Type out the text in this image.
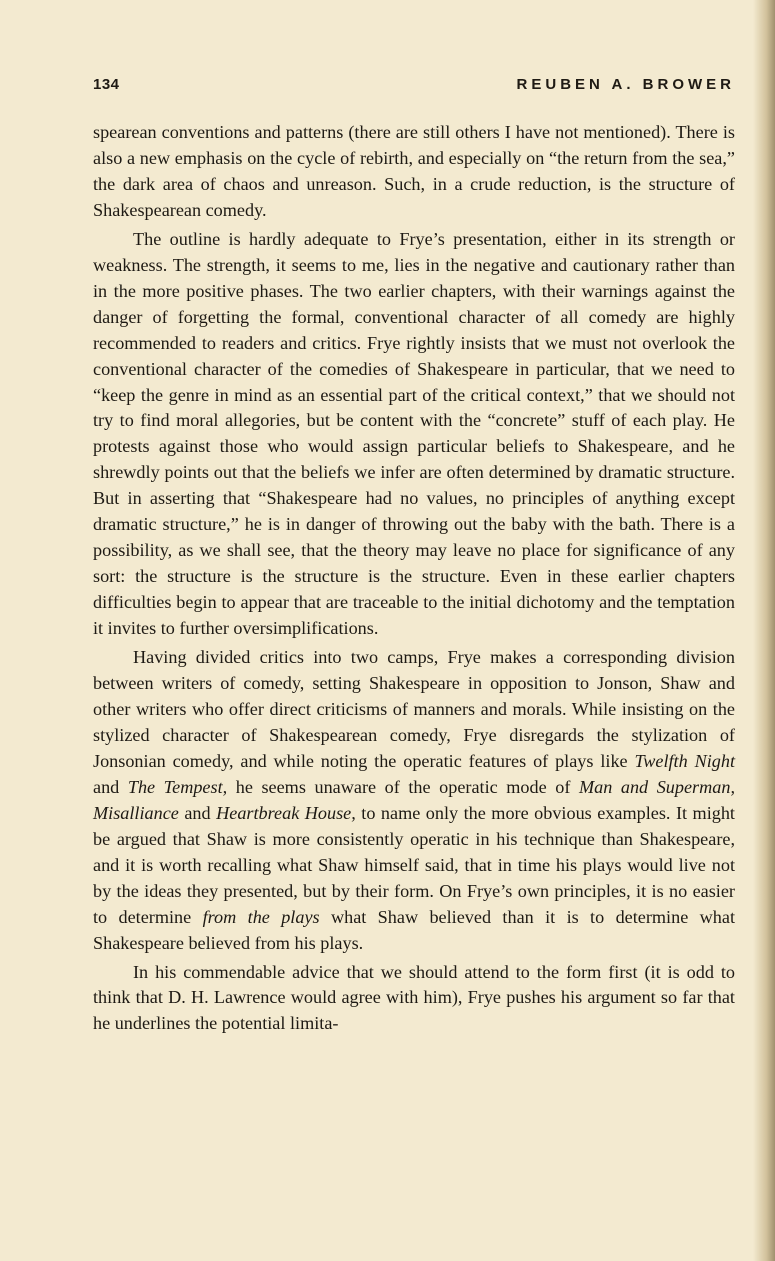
134	REUBEN A. BROWER

spearean conventions and patterns (there are still others I have not mentioned). There is also a new emphasis on the cycle of rebirth, and especially on “the return from the sea,” the dark area of chaos and unreason. Such, in a crude reduction, is the structure of Shakespearean comedy.

The outline is hardly adequate to Frye’s presentation, either in its strength or weakness. The strength, it seems to me, lies in the negative and cautionary rather than in the more positive phases. The two earlier chapters, with their warnings against the danger of forgetting the formal, conventional character of all comedy are highly recommended to readers and critics. Frye rightly insists that we must not overlook the conventional character of the comedies of Shakespeare in particular, that we need to “keep the genre in mind as an essential part of the critical context,” that we should not try to find moral allegories, but be content with the “concrete” stuff of each play. He protests against those who would assign particular beliefs to Shakespeare, and he shrewdly points out that the beliefs we infer are often determined by dramatic structure. But in asserting that “Shakespeare had no values, no principles of anything except dramatic structure,” he is in danger of throwing out the baby with the bath. There is a possibility, as we shall see, that the theory may leave no place for significance of any sort: the structure is the structure is the structure. Even in these earlier chapters difficulties begin to appear that are traceable to the initial dichotomy and the temptation it invites to further oversimplifications.

Having divided critics into two camps, Frye makes a corresponding division between writers of comedy, setting Shakespeare in opposition to Jonson, Shaw and other writers who offer direct criticisms of manners and morals. While insisting on the stylized character of Shakespearean comedy, Frye disregards the stylization of Jonsonian comedy, and while noting the operatic features of plays like Twelfth Night and The Tempest, he seems unaware of the operatic mode of Man and Superman, Misalliance and Heartbreak House, to name only the more obvious examples. It might be argued that Shaw is more consistently operatic in his technique than Shakespeare, and it is worth recalling what Shaw himself said, that in time his plays would live not by the ideas they presented, but by their form. On Frye’s own principles, it is no easier to determine from the plays what Shaw believed than it is to determine what Shakespeare believed from his plays.

In his commendable advice that we should attend to the form first (it is odd to think that D. H. Lawrence would agree with him), Frye pushes his argument so far that he underlines the potential limita-
